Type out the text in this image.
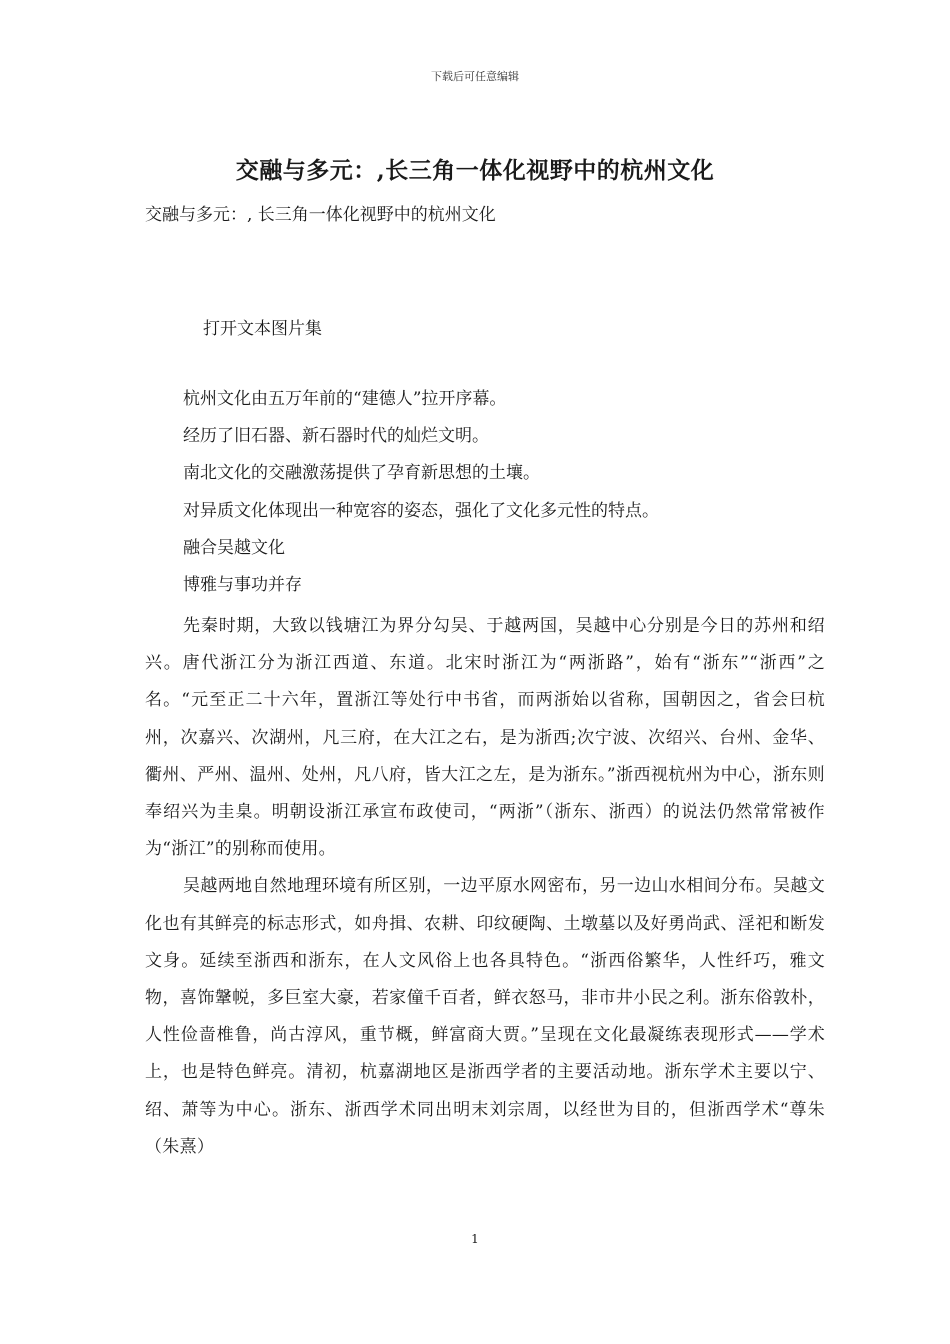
下载后可任意编辑
交融与多元：,长三角一体化视野中的杭州文化
交融与多元：, 长三角一体化视野中的杭州文化
打开文本图片集
杭州文化由五万年前的“建德人”拉开序幕。
经历了旧石器、新石器时代的灿烂文明。
南北文化的交融激荡提供了孕育新思想的土壤。
对异质文化体现出一种宽容的姿态，强化了文化多元性的特点。
融合吴越文化
博雅与事功并存

先秦时期，大致以钱塘江为界分勾吴、于越两国，吴越中心分别是今日的苏州和绍兴。唐代浙江分为浙江西道、东道。北宋时浙江为“两浙路”，始有“浙东”“浙西”之名。“元至正二十六年，置浙江等处行中书省，而两浙始以省称，国朝因之，省会曰杭州，次嘉兴、次湖州，凡三府，在大江之右，是为浙西;次宁波、次绍兴、台州、金华、衢州、严州、温州、处州，凡八府，皆大江之左，是为浙东。”浙西视杭州为中心，浙东则奉绍兴为圭臬。明朝设浙江承宣布政使司，“两浙”（浙东、浙西）的说法仍然常常被作为“浙江”的别称而使用。

吴越两地自然地理环境有所区别，一边平原水网密布，另一边山水相间分布。吴越文化也有其鲜亮的标志形式，如舟揖、农耕、印纹硬陶、土墩墓以及好勇尚武、淫祀和断发文身。延续至浙西和浙东，在人文风俗上也各具特色。“浙西俗繁华，人性纤巧，雅文物，喜饰鞶帨，多巨室大豪，若家僮千百者，鲜衣怒马，非市井小民之利。浙东俗敦朴，人性俭啬椎鲁，尚古淳风，重节概，鲜富商大贾。”呈现在文化最凝练表现形式——学术上，也是特色鲜亮。清初，杭嘉湖地区是浙西学者的主要活动地。浙东学术主要以宁、绍、萧等为中心。浙东、浙西学术同出明末刘宗周，以经世为目的，但浙西学术“尊朱（朱熹）

1
